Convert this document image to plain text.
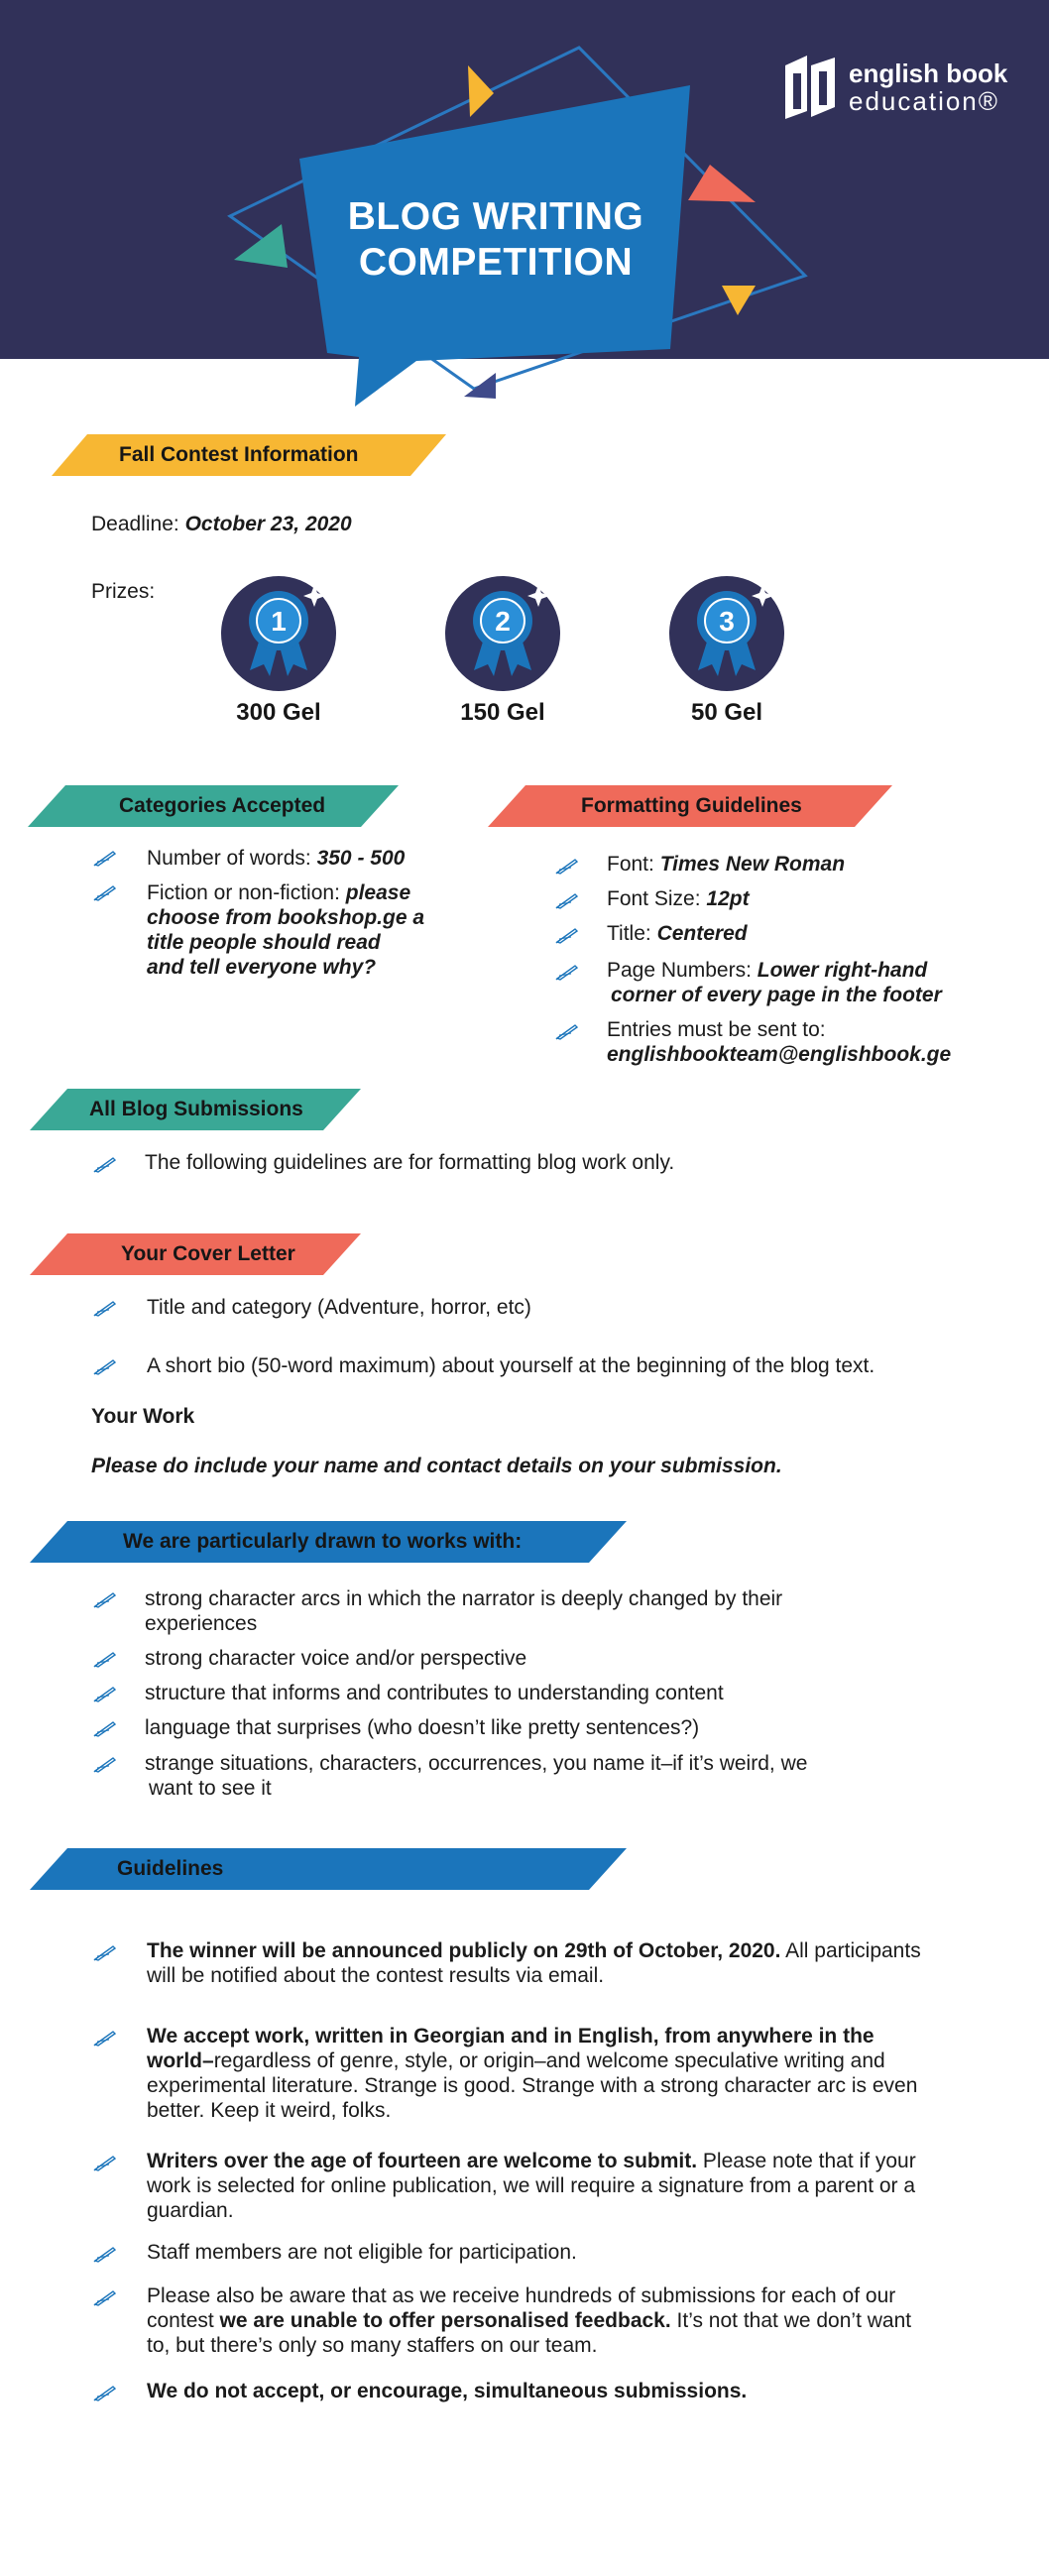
BLOG WRITING
COMPETITION
english book
education®
Fall Contest Information
Deadline: October 23, 2020
Prizes:
1
300 Gel
2
150 Gel
3
50 Gel
Categories Accepted
Number of words: 350 - 500
Fiction or non-fiction: please
choose from bookshop.ge a
title people should read
and tell everyone why?
Formatting Guidelines
Font: Times New Roman
Font Size: 12pt
Title: Centered
Page Numbers: Lower right-hand
corner of every page in the footer
Entries must be sent to:
englishbookteam@englishbook.ge
All Blog Submissions
The following guidelines are for formatting blog work only.
Your Cover Letter
Title and category (Adventure, horror, etc)
A short bio (50-word maximum) about yourself at the beginning of the blog text.
Your Work
Please do include your name and contact details on your submission.
We are particularly drawn to works with:
strong character arcs in which the narrator is deeply changed by their
experiences
strong character voice and/or perspective
structure that informs and contributes to understanding content
language that surprises (who doesn’t like pretty sentences?)
strange situations, characters, occurrences, you name it–if it’s weird, we
want to see it
Guidelines
The winner will be announced publicly on 29th of October, 2020. All participants
will be notified about the contest results via email.
We accept work, written in Georgian and in English, from anywhere in the
world–regardless of genre, style, or origin–and welcome speculative writing and
experimental literature. Strange is good. Strange with a strong character arc is even
better. Keep it weird, folks.
Writers over the age of fourteen are welcome to submit. Please note that if your
work is selected for online publication, we will require a signature from a parent or a
guardian.
Staff members are not eligible for participation.
Please also be aware that as we receive hundreds of submissions for each of our
contest we are unable to offer personalised feedback. It’s not that we don’t want
to, but there’s only so many staffers on our team.
We do not accept, or encourage, simultaneous submissions.
